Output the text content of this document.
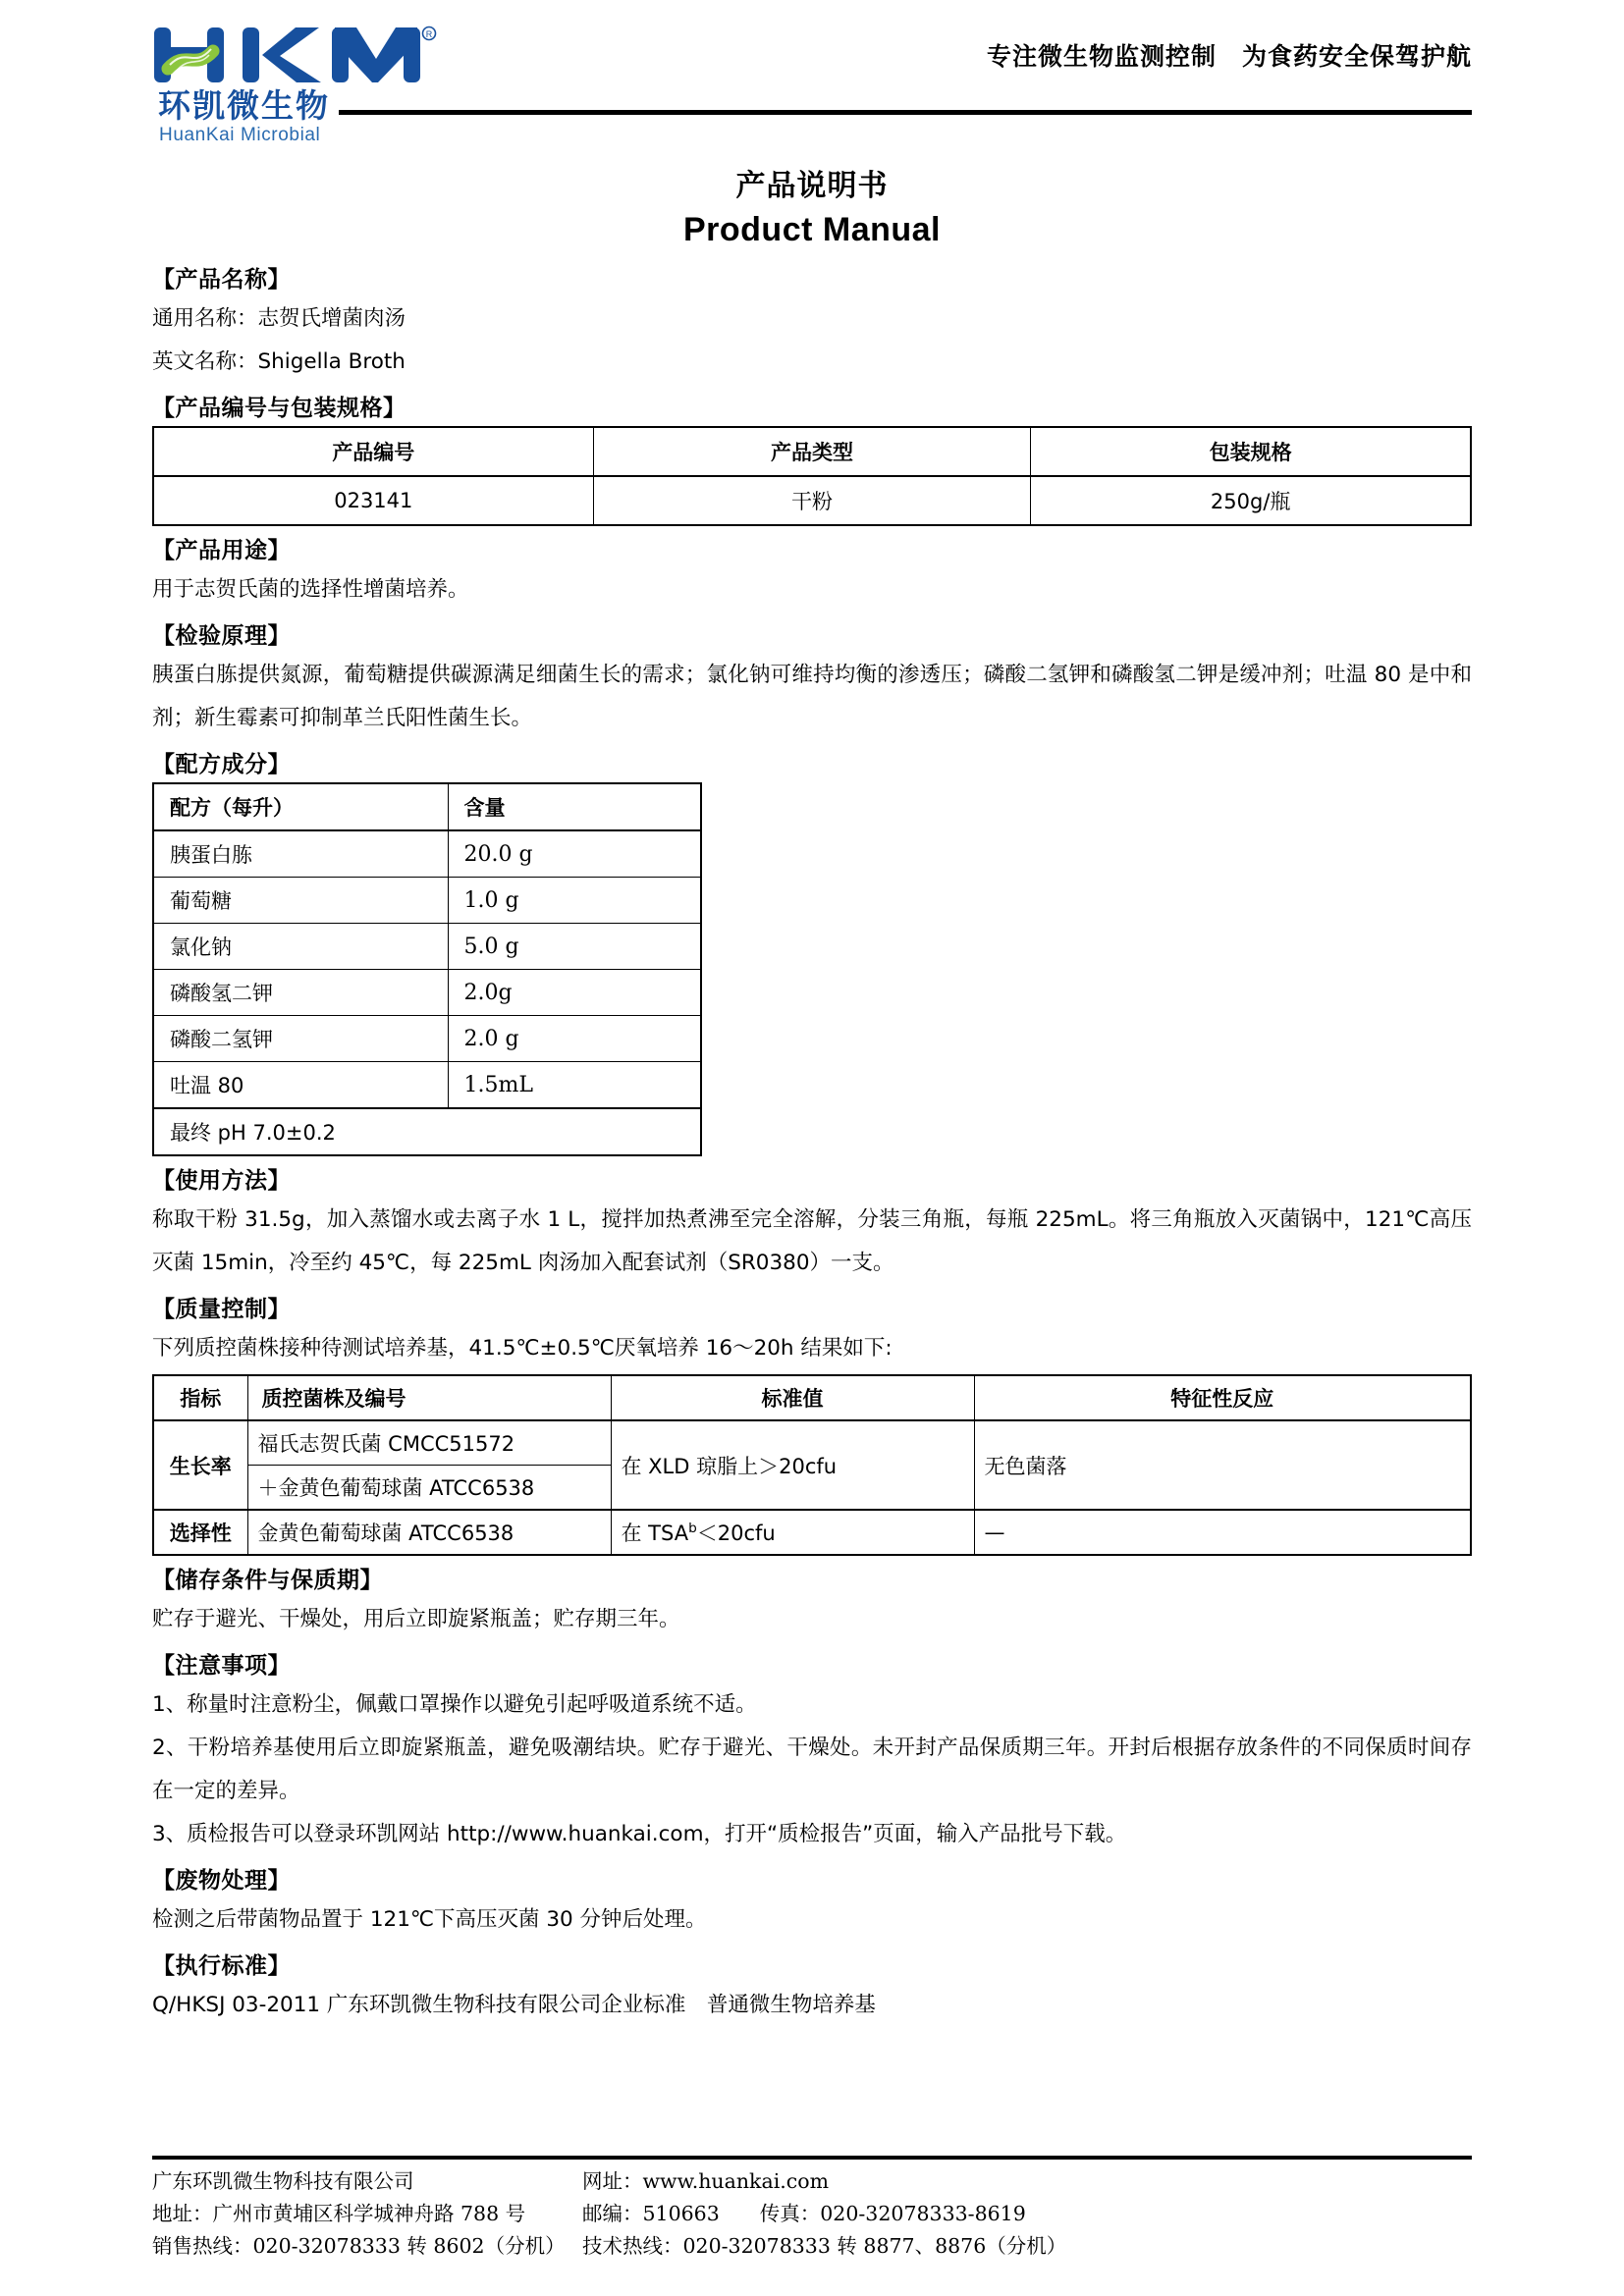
R
环凯微生物
HuanKai Microbial
专注微生物监测控制　为食药安全保驾护航
产品说明书
Product Manual
【产品名称】
通用名称：志贺氏增菌肉汤
英文名称：Shigella Broth
【产品编号与包装规格】
产品编号	产品类型	包装规格
023141	干粉	250g/瓶
【产品用途】
用于志贺氏菌的选择性增菌培养。
【检验原理】
胰蛋白胨提供氮源，葡萄糖提供碳源满足细菌生长的需求；氯化钠可维持均衡的渗透压；磷酸二氢钾和磷酸氢二钾是缓冲剂；吐温 80 是中和剂；新生霉素可抑制革兰氏阳性菌生长。
【配方成分】
配方（每升）	含量
胰蛋白胨	20.0 g
葡萄糖	1.0 g
氯化钠	5.0 g
磷酸氢二钾	2.0g
磷酸二氢钾	2.0 g
吐温 80	1.5mL
最终 pH 7.0±0.2	
【使用方法】
称取干粉 31.5g，加入蒸馏水或去离子水 1 L，搅拌加热煮沸至完全溶解，分装三角瓶，每瓶 225mL。将三角瓶放入灭菌锅中，121℃高压灭菌 15min，冷至约 45℃，每 225mL 肉汤加入配套试剂（SR0380）一支。
【质量控制】
下列质控菌株接种待测试培养基，41.5℃±0.5℃厌氧培养 16～20h 结果如下:
指标	质控菌株及编号	标准值	特征性反应
生长率	福氏志贺氏菌 CMCC51572	在 XLD 琼脂上＞20cfu	无色菌落
	＋金黄色葡萄球菌 ATCC6538		
选择性	金黄色葡萄球菌 ATCC6538	在 $TSA^b<20cfu$	—
【储存条件与保质期】
贮存于避光、干燥处，用后立即旋紧瓶盖；贮存期三年。
【注意事项】
1、称量时注意粉尘，佩戴口罩操作以避免引起呼吸道系统不适。
2、干粉培养基使用后立即旋紧瓶盖，避免吸潮结块。贮存于避光、干燥处。未开封产品保质期三年。开封后根据存放条件的不同保质时间存在一定的差异。
3、质检报告可以登录环凯网站 http://www.huankai.com，打开“质检报告”页面，输入产品批号下载。
【废物处理】
检测之后带菌物品置于 121℃下高压灭菌 30 分钟后处理。
【执行标准】
Q/HKSJ 03-2011 广东环凯微生物科技有限公司企业标准　普通微生物培养基
广东环凯微生物科技有限公司
地址：广州市黄埔区科学城神舟路 788 号
销售热线：020-32078333 转 8602（分机）
网址：www.huankai.com
邮编：510663　　传真：020-32078333-8619
技术热线：020-32078333 转 8877、8876（分机）
